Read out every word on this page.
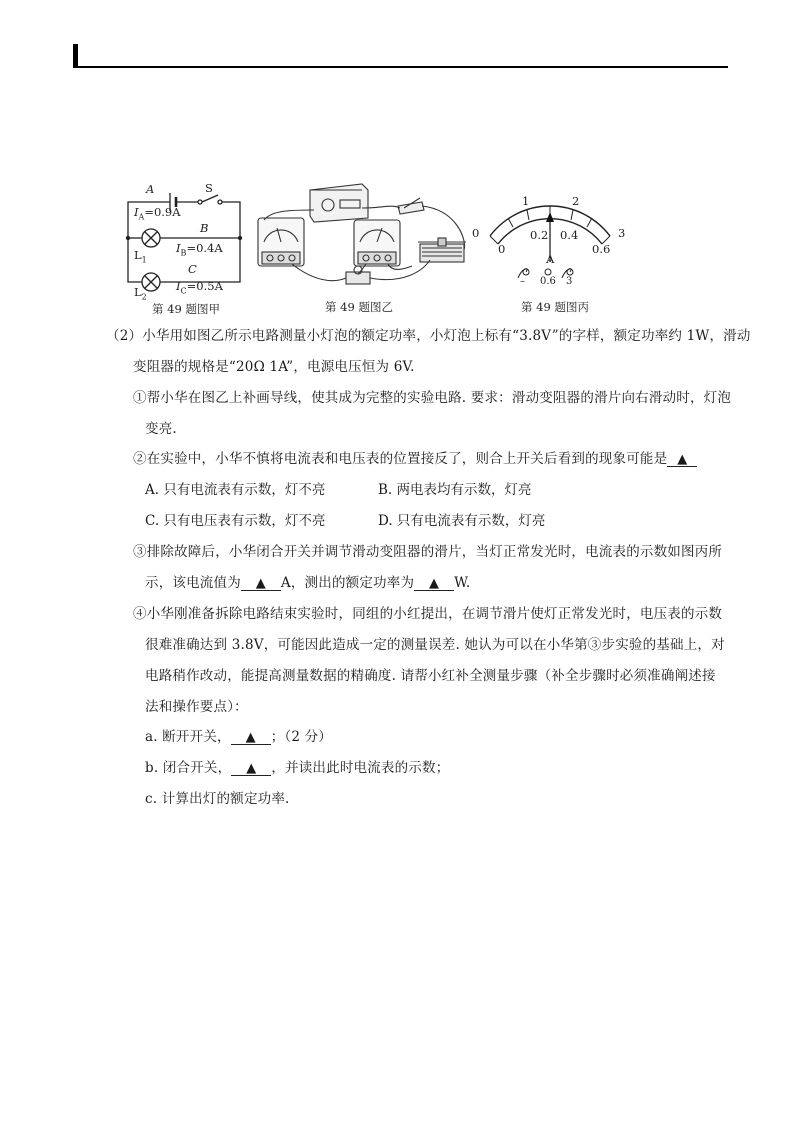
A	S
$I_A=0.9A$
B
$I_B=0.4A$
$L_1$
C
$I_C=0.5A$
$L_2$
第 49 题图甲	第 49 题图乙
0
1	2
3
0
0.2 0.4
0.6
A
– 0.6 3
第 49 题图丙
（2）小华用如图乙所示电路测量小灯泡的额定功率，小灯泡上标有“3.8V”的字样，额定功率约 1W，滑动
变阻器的规格是“20Ω 1A”，电源电压恒为 6V.
①帮小华在图乙上补画导线，使其成为完整的实验电路. 要求：滑动变阻器的滑片向右滑动时，灯泡
变亮.
②在实验中，小华不慎将电流表和电压表的位置接反了，则合上开关后看到的现象可能是 ▲
A. 只有电流表有示数，灯不亮	B. 两电表均有示数，灯亮
C. 只有电压表有示数，灯不亮	D. 只有电流表有示数，灯亮
③排除故障后，小华闭合开关并调节滑动变阻器的滑片，当灯正常发光时，电流表的示数如图丙所
示，该电流值为 ▲ A，测出的额定功率为 ▲ W.
④小华刚准备拆除电路结束实验时，同组的小红提出，在调节滑片使灯正常发光时，电压表的示数
很难准确达到 3.8V，可能因此造成一定的测量误差. 她认为可以在小华第③步实验的基础上，对
电路稍作改动，能提高测量数据的精确度. 请帮小红补全测量步骤（补全步骤时必须准确阐述接
法和操作要点）：
a. 断开开关， ▲ ；（2 分）
b. 闭合开关， ▲ ，并读出此时电流表的示数；
c. 计算出灯的额定功率.
